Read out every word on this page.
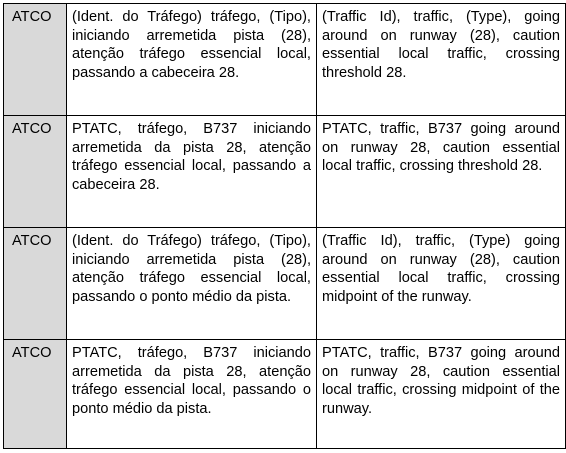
ATCO	(Ident. do Tráfego) tráfego, (Tipo), iniciando arremetida pista (28), atenção tráfego essencial local, passando a cabeceira 28.	(Traffic Id), traffic, (Type), going around on runway (28), caution essential local traffic, crossing threshold 28.
ATCO	PTATC, tráfego, B737 iniciando arremetida da pista 28, atenção tráfego essencial local, passando a cabeceira 28.	PTATC, traffic, B737 going around on runway 28, caution essential local traffic, crossing threshold 28.
ATCO	(Ident. do Tráfego) tráfego, (Tipo), iniciando arremetida pista (28), atenção tráfego essencial local, passando o ponto médio da pista.	(Traffic Id), traffic, (Type) going around on runway (28), caution essential local traffic, crossing midpoint of the runway.
ATCO	PTATC, tráfego, B737 iniciando arremetida da pista 28, atenção tráfego essencial local, passando o ponto médio da pista.	PTATC, traffic, B737 going around on runway 28, caution essential local traffic, crossing midpoint of the runway.
